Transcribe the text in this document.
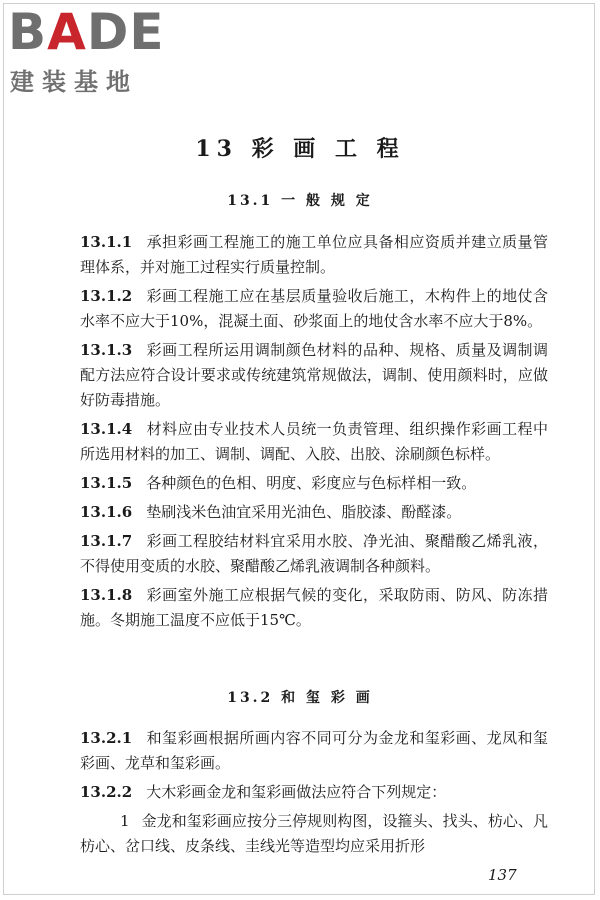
BADE
建装基地
13 彩 画 工 程
13.1 一 般 规 定

13.1.1 承担彩画工程施工的施工单位应具备相应资质并建立质量管理体系，并对施工过程实行质量控制。

13.1.2 彩画工程施工应在基层质量验收后施工，木构件上的地仗含水率不应大于10%，混凝土面、砂浆面上的地仗含水率不应大于8%。

13.1.3 彩画工程所运用调制颜色材料的品种、规格、质量及调制调配方法应符合设计要求或传统建筑常规做法，调制、使用颜料时，应做好防毒措施。

13.1.4 材料应由专业技术人员统一负责管理、组织操作彩画工程中所选用材料的加工、调制、调配、入胶、出胶、涂刷颜色标样。

13.1.5 各种颜色的色相、明度、彩度应与色标样相一致。

13.1.6 垫刷浅米色油宜采用光油色、脂胶漆、酚醛漆。

13.1.7 彩画工程胶结材料宜采用水胶、净光油、聚醋酸乙烯乳液，不得使用变质的水胶、聚醋酸乙烯乳液调制各种颜料。

13.1.8 彩画室外施工应根据气候的变化，采取防雨、防风、防冻措施。冬期施工温度不应低于15℃。

13.2 和 玺 彩 画

13.2.1 和玺彩画根据所画内容不同可分为金龙和玺彩画、龙凤和玺彩画、龙草和玺彩画。

13.2.2 大木彩画金龙和玺彩画做法应符合下列规定：

1 金龙和玺彩画应按分三停规则构图，设箍头、找头、枋心、凡枋心、岔口线、皮条线、圭线光等造型均应采用折形

137
